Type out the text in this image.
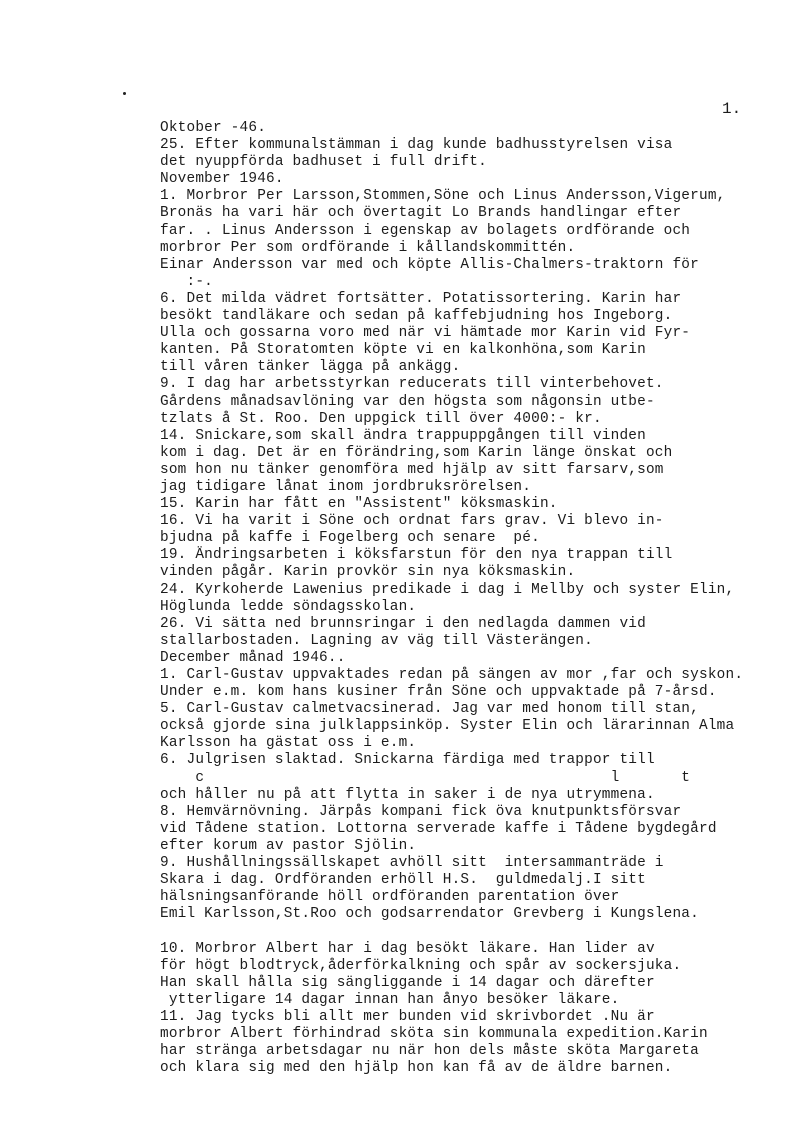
1.
Oktober -46.
25. Efter kommunalstämman i dag kunde badhusstyrelsen visa
det nyuppförda badhuset i full drift.
November 1946.
1. Morbror Per Larsson,Stommen,Söne och Linus Andersson,Vigerum,
Bronäs ha vari här och övertagit Lo Brands handlingar efter
far. . Linus Andersson i egenskap av bolagets ordförande och
morbror Per som ordförande i kållandskommittén.
Einar Andersson var med och köpte Allis-Chalmers-traktorn för
:-.
6. Det milda vädret fortsätter. Potatissortering. Karin har
besökt tandläkare och sedan på kaffebjudning hos Ingeborg.
Ulla och gossarna voro med när vi hämtade mor Karin vid Fyr-
kanten. På Storatomten köpte vi en kalkonhöna,som Karin
till våren tänker lägga på ankägg.
9. I dag har arbetsstyrkan reducerats till vinterbehovet.
Gårdens månadsavlöning var den högsta som någonsin utbe-
tzlats å St. Roo. Den uppgick till över 4000:- kr.
14. Snickare,som skall ändra trappuppgången till vinden
kom i dag. Det är en förändring,som Karin länge önskat och
som hon nu tänker genomföra med hjälp av sitt farsarv,som
jag tidigare lånat inom jordbruksrörelsen.
15. Karin har fått en "Assistent" köksmaskin.
16. Vi ha varit i Söne och ordnat fars grav. Vi blevo in-
bjudna på kaffe i Fogelberg och senare  pé.
19. Ändringsarbeten i köksfarstun för den nya trappan till
vinden pågår. Karin provkör sin nya köksmaskin.
24. Kyrkoherde Lawenius predikade i dag i Mellby och syster Elin,
Höglunda ledde söndagsskolan.
26. Vi sätta ned brunnsringar i den nedlagda dammen vid
stallarbostaden. Lagning av väg till Västerängen.
December månad 1946..
1. Carl-Gustav uppvaktades redan på sängen av mor ,far och syskon.
Under e.m. kom hans kusiner från Söne och uppvaktade på 7-årsd.
5. Carl-Gustav calmetvacsinerad. Jag var med honom till stan,
också gjorde sina julklappsinköp. Syster Elin och lärarinnan Alma
Karlsson ha gästat oss i e.m.
6. Julgrisen slaktad. Snickarna färdiga med trappor till
c                                              l       t
och håller nu på att flytta in saker i de nya utrymmena.
8. Hemvärnövning. Järpås kompani fick öva knutpunktsförsvar
vid Tådene station. Lottorna serverade kaffe i Tådene bygdegård
efter korum av pastor Sjölin.
9. Hushållningssällskapet avhöll sitt  intersammanträde i
Skara i dag. Ordföranden erhöll H.S.  guldmedalj.I sitt
hälsningsanförande höll ordföranden parentation över
Emil Karlsson,St.Roo och godsarrendator Grevberg i Kungslena.
10. Morbror Albert har i dag besökt läkare. Han lider av
för högt blodtryck,åderförkalkning och spår av sockersjuka.
Han skall hålla sig sängliggande i 14 dagar och därefter
ytterligare 14 dagar innan han ånyo besöker läkare.
11. Jag tycks bli allt mer bunden vid skrivbordet .Nu är
morbror Albert förhindrad sköta sin kommunala expedition.Karin
har stränga arbetsdagar nu när hon dels måste sköta Margareta
och klara sig med den hjälp hon kan få av de äldre barnen.
